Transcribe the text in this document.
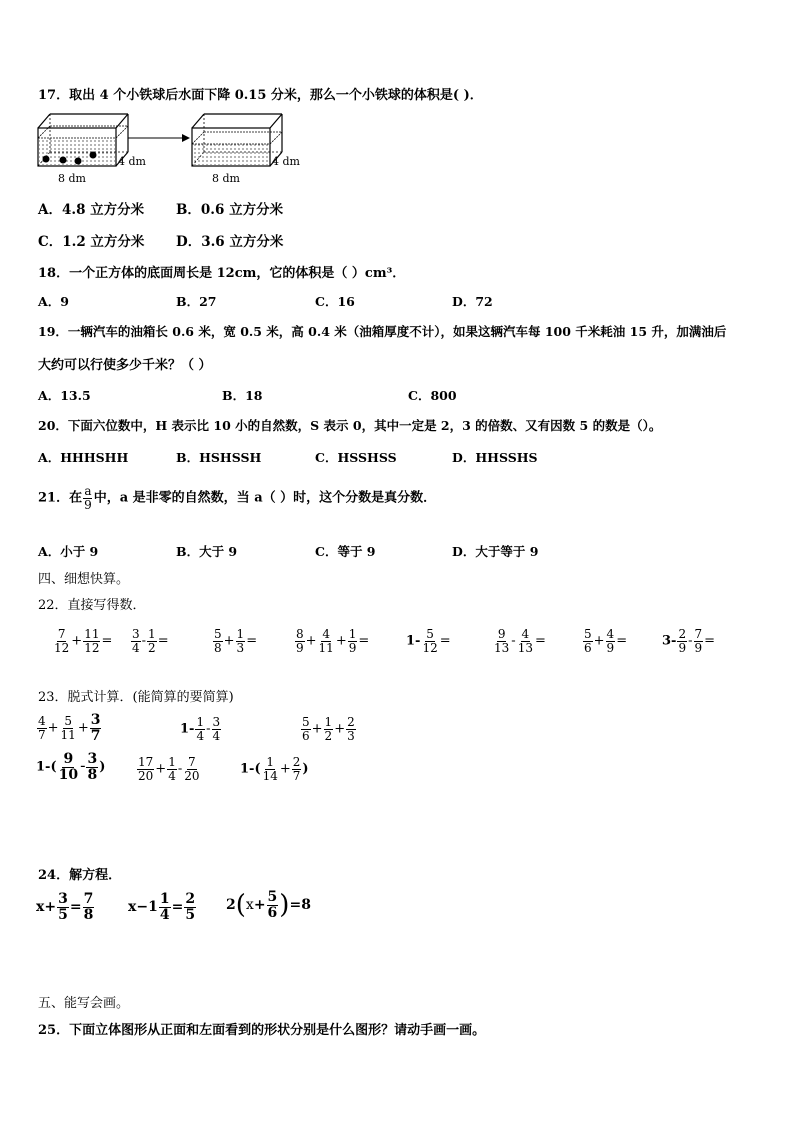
17．取出 4 个小铁球后水面下降 0.15 分米，那么一个小铁球的体积是( )．
8 dm
4 dm
8 dm
4 dm
A．4.8 立方分米 B．0.6 立方分米
C．1.2 立方分米 D．3.6 立方分米
18．一个正方体的底面周长是 12cm，它的体积是（ ）cm³．
A．9	B．27	C．16	D．72
19．一辆汽车的油箱长 0.6 米，宽 0.5 米，高 0.4 米（油箱厚度不计），如果这辆汽车每 100 千米耗油 15 升，加满油后
大约可以行使多少千米？（ ）
A．13.5	B．18	C．800
20．下面六位数中，H 表示比 10 小的自然数，S 表示 0，其中一定是 2，3 的倍数、又有因数 5 的数是（）。
A．HHHSHH	B．HSHSSH	C．HSSHSS	D．HHSSHS
21．在 $\frac{a}{9}$ 中，a 是非零的自然数，当 a（ ）时，这个分数是真分数．
A．小于 9	B．大于 9	C．等于 9	D．大于等于 9
四、细想快算。
22．直接写得数．
$\frac{7}{12} + \frac{11}{12} = \frac{3}{4} - \frac{1}{2}$ =	$\frac{5}{8} + \frac{1}{3}$ =	$\frac{8}{9} + \frac{4}{11} + \frac{1}{9}$ =	$1- \frac{5}{12}$ =	$\frac{9}{13} - \frac{4}{13}$ =	$\frac{5}{6} + \frac{4}{9}$ =	$3- \frac{2}{9} - \frac{7}{9}$ =
23．脱式计算．(能简算的要简算)
$\frac{4}{7} + \frac{5}{11} + \frac{3}{7}$	$1- \frac{1}{4} - \frac{3}{4}$	$\frac{5}{6} + \frac{1}{2} + \frac{2}{3}$
$1-( \frac{9}{10} - \frac{3}{8}$ )	$\frac{17}{20} + \frac{1}{4} - \frac{7}{20}$	$1-( \frac{1}{14} + \frac{2}{7}$ )
24．解方程．
$x+ \frac{3}{5} = \frac{7}{8} x-1 \frac{1}{4} = \frac{2}{5} 2(x+ \frac{5}{6} )=8$
五、能写会画。
25．下面立体图形从正面和左面看到的形状分别是什么图形？请动手画一画。
